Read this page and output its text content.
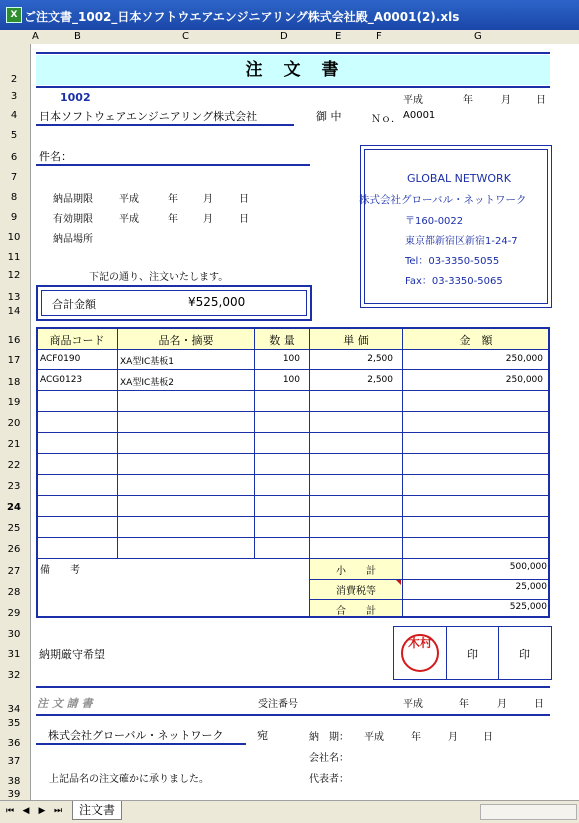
X ご注文書_1002_日本ソフトウエアエンジニアリング株式会社殿_A0001(2).xls
A	B	C	D	E	F	G
2
3
4
5
6
7
8
9
10
11
12
13
14
16
17
18
19
20
21
22
23
24
25
26
27
28
29
30
31
32
34
35
36
37
38
39
注　文　書
1002	平成	年	月	日
日本ソフトウェアエンジニアリング株式会社	御 中	Ｎｏ． A0001
件名：
納品期限	平成	年	月	日
有効期限	平成	年	月	日
納品場所
下記の通り、注文いたします。
合計金額	¥525,000
GLOBAL NETWORK
株式会社グローバル・ネットワーク
〒160-0022
東京都新宿区新宿1-24-7
Tel：03-3350-5055
Fax：03-3350-5065
商品コード	品名・摘要	数 量	単 価	金　額
ACF0190	XA型IC基板1	100	2,500	250,000
ACG0123	XA型IC基板2	100	2,500	250,000
備　　考	小　　計	500,000
消費税等	25,000
合　　計	525,000
納期厳守希望
木村
印	印
注 文 請 書	受注番号	平成	年	月	日
株式会社グローバル・ネットワーク	宛	納　期： 平成	年	月	日
会社名：
上記品名の注文確かに承りました。	代表者：
⏮ ◀ ▶ ⏭	注文書
